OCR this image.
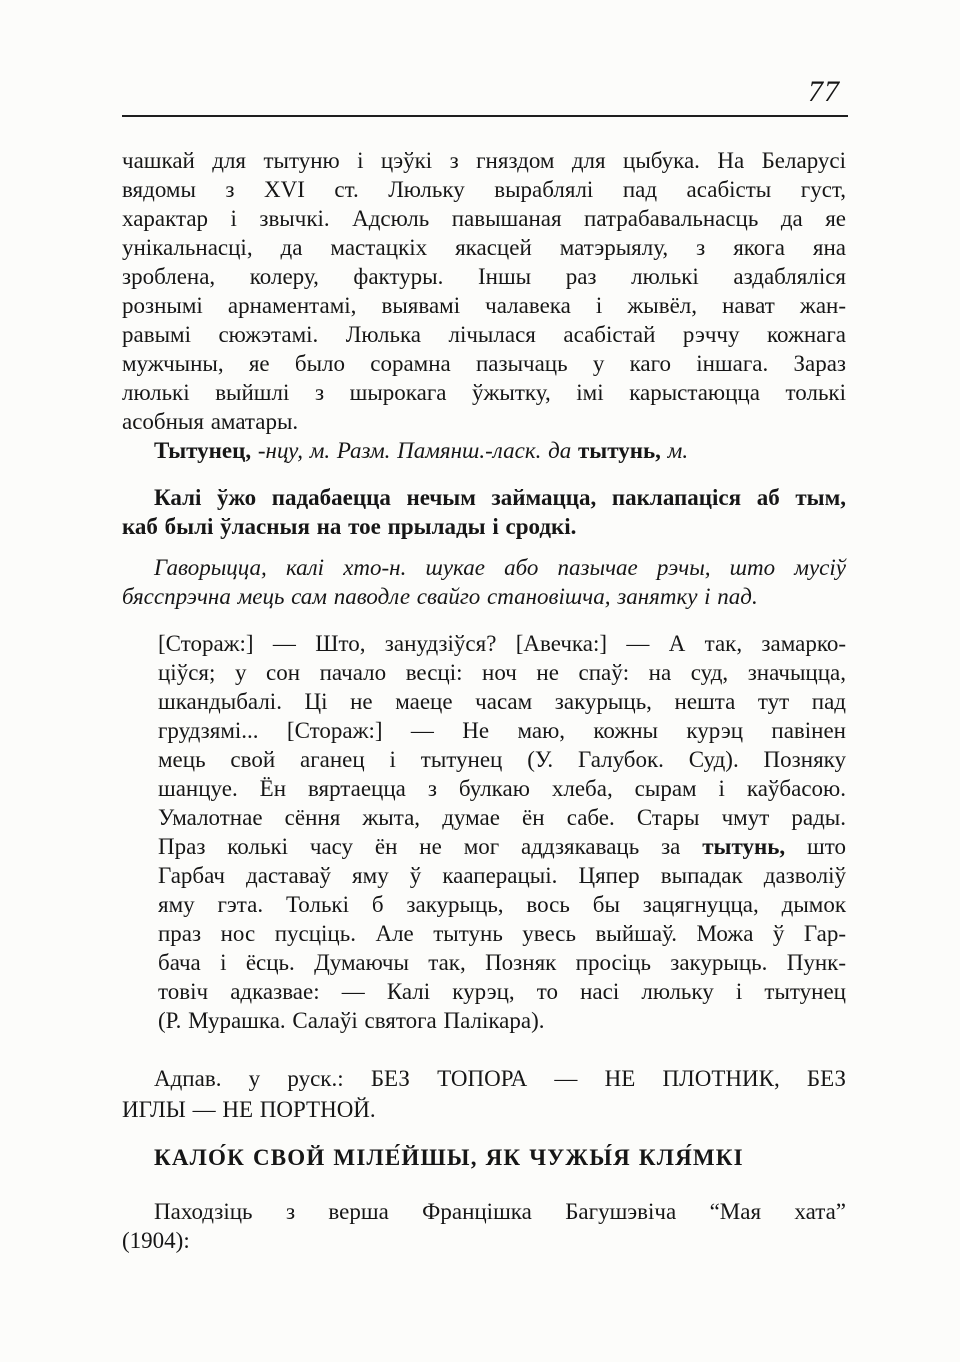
77
чашкай для тытуню і цэўкі з гняздом для цыбука. На Беларусі
вядомы з XVI ст. Люльку выраблялі пад асабісты густ,
характар і звычкі. Адсюль павышаная патрабавальнасць да яе
унікальнасці, да мастацкіх якасцей матэрыялу, з якога яна
зроблена, колеру, фактуры. Іншы раз люлькі аздабляліся
рознымі арнаментамі, выявамі чалавека і жывёл, нават жан-
равымі сюжэтамі. Люлька лічылася асабістай рэччу кожнага
мужчыны, яе было сорамна пазычаць у каго іншага. Зараз
люлькі выйшлі з шырокага ўжытку, імі карыстаюцца толькі
асобныя аматары.
Тытунец, -нцу, м. Разм. Памянш.-ласк. да тытунь, м.
Калі ўжо падабаецца нечым займацца, паклапаціся аб тым,
каб былі ўласныя на тое прылады і сродкі.
Гаворыцца, калі хто-н. шукае або пазычае рэчы, што мусіў
бясспрэчна мець сам паводле свайго становішча, занятку і пад.
[Стораж:] — Што, занудзіўся? [Авечка:] — А так, замарко-
ціўся; у сон пачало весці: ноч не спаў: на суд, значыцца,
шкандыбалі. Ці не маеце часам закурыць, нешта тут пад
грудзямі... [Стораж:] — Не маю, кожны курэц павінен
мець свой аганец і тытунец (У. Галубок. Суд). Позняку
шанцуе. Ён вяртаецца з булкаю хлеба, сырам і каўбасою.
Умалотнае сёння жыта, думае ён сабе. Стары чмут рады.
Праз колькі часу ён не мог аддзякаваць за тытунь, што
Гарбач даставаў яму ў кааперацыі. Цяпер выпадак дазволіў
яму гэта. Толькі б закурыць, вось бы зацягнуцца, дымок
праз нос пусціць. Але тытунь увесь выйшаў. Можа ў Гар-
бача і ёсць. Думаючы так, Позняк просіць закурыць. Пунк-
товіч адказвае: — Калі курэц, то насі люльку і тытунец
(Р. Мурашка. Салаўі святога Палікара).
Адпав. у руск.: БЕЗ ТОПОРА — НЕ ПЛОТНИК, БЕЗ
ИГЛЫ — НЕ ПОРТНОЙ.
КАЛО́К СВОЙ МІЛЕ́ЙШЫ, ЯК ЧУЖЫ́Я КЛЯ́МКІ
Паходзіць з верша Францішка Багушэвіча “Мая хата”
(1904):
